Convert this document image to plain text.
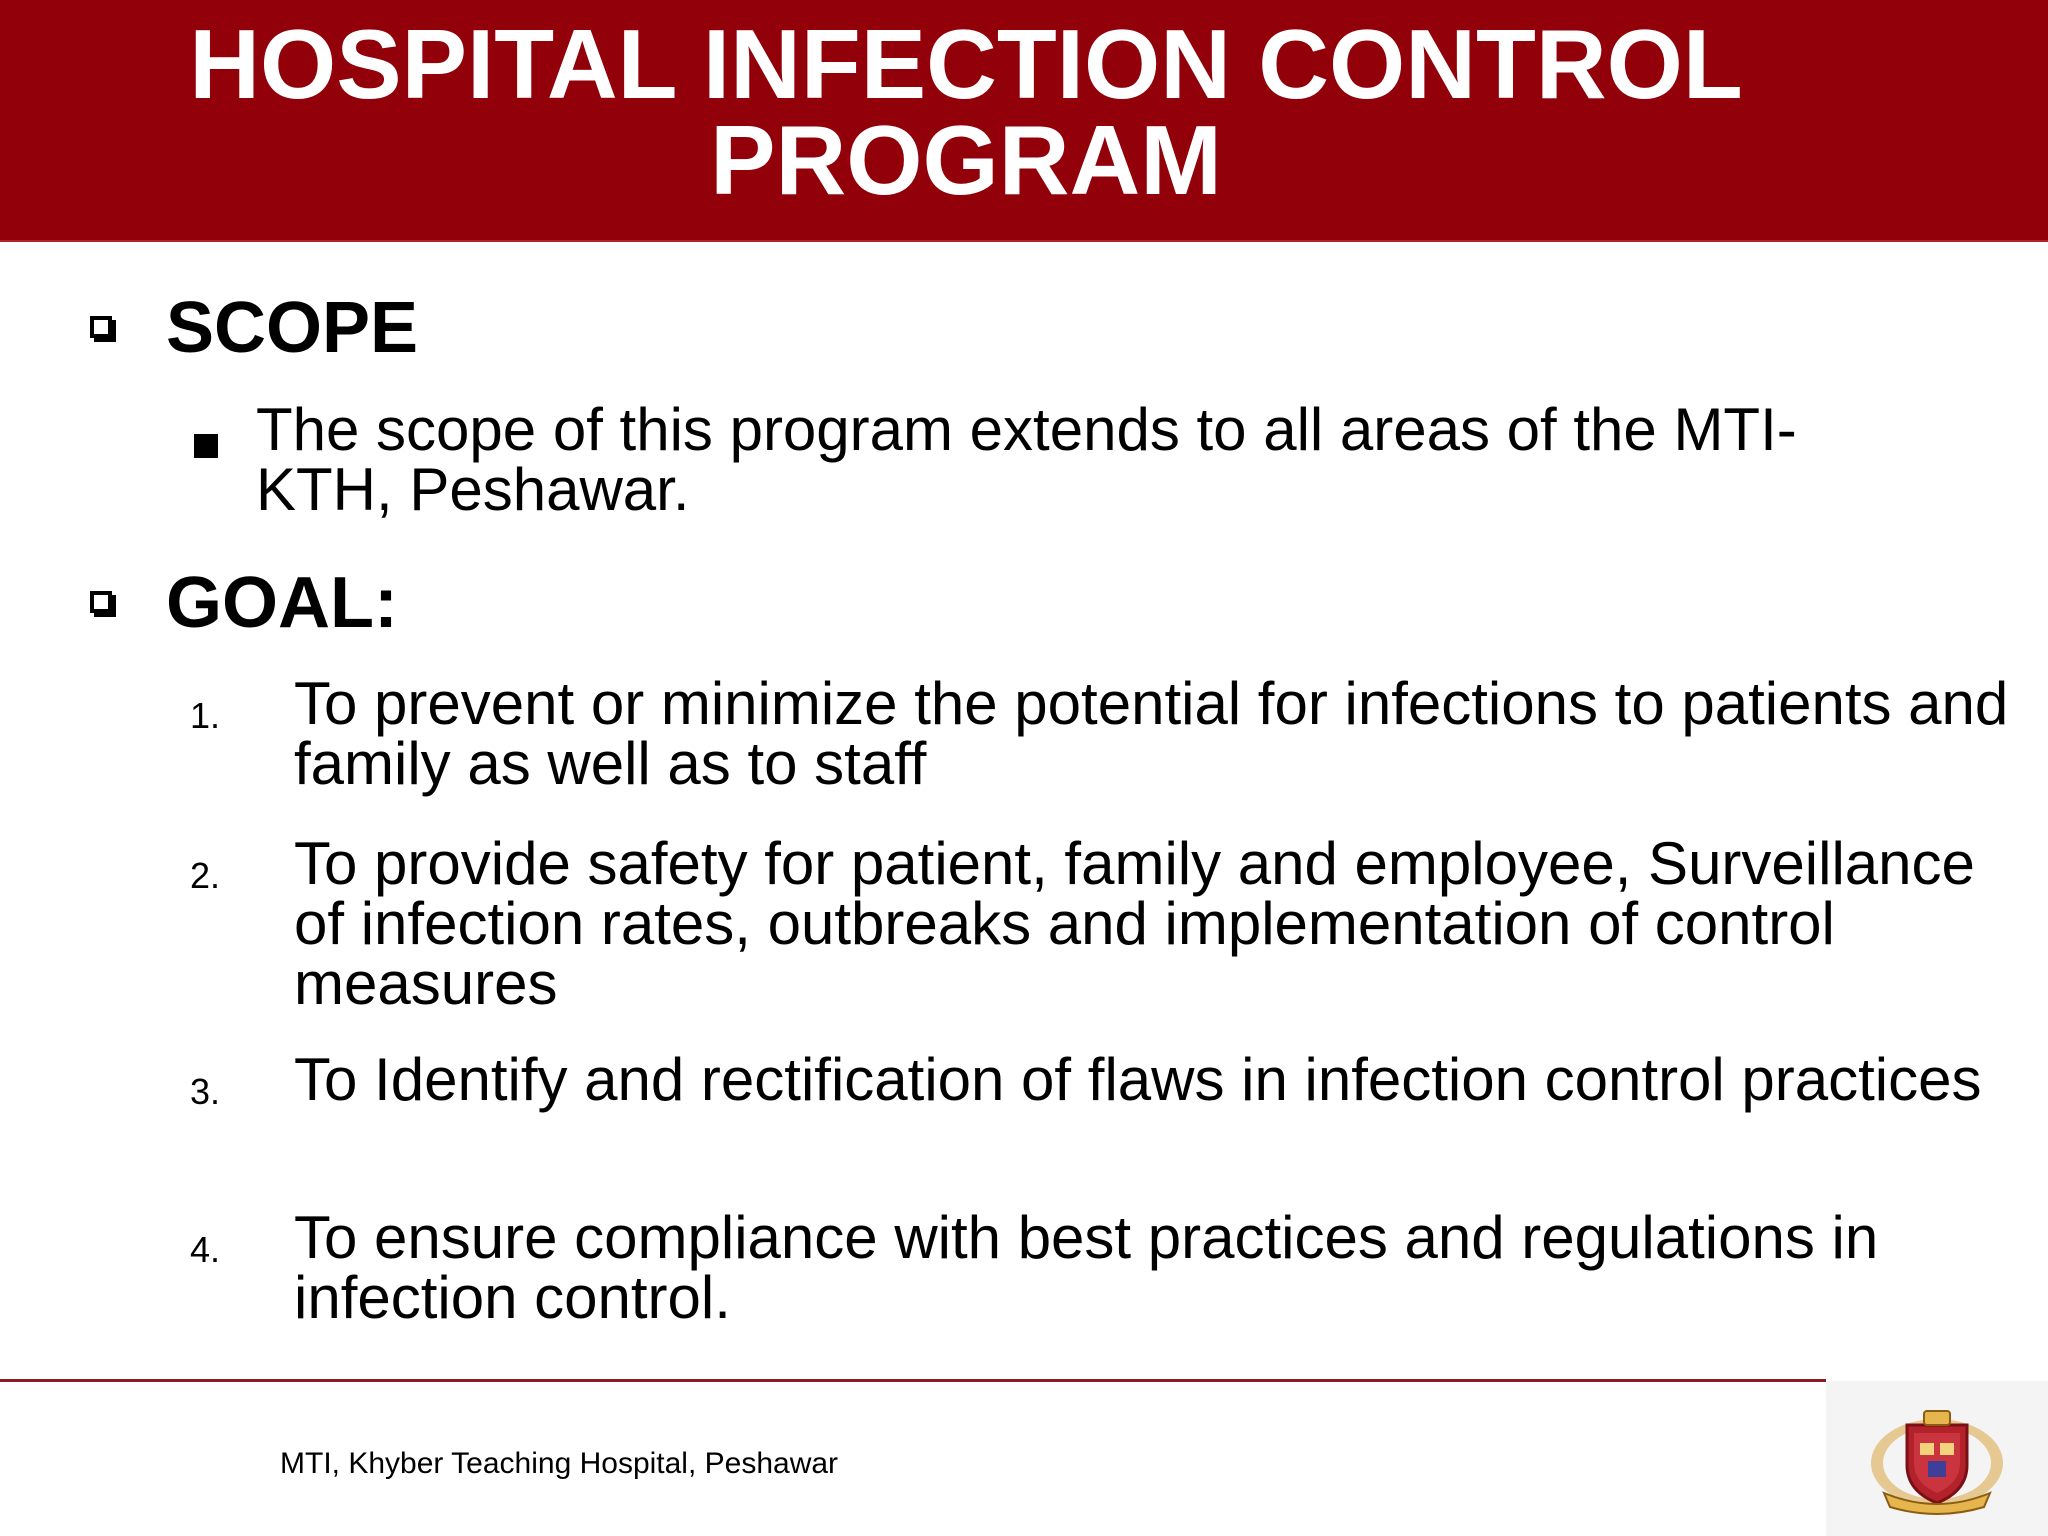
HOSPITAL INFECTION CONTROL
PROGRAM
SCOPE
The scope of this program extends to all areas of the MTI-KTH, Peshawar.
GOAL:
1. To prevent or minimize the potential for infections to patients and family as well as to staff
2. To provide safety for patient, family and employee, Surveillance of infection rates, outbreaks and implementation of control measures
3. To Identify and rectification of flaws in infection control practices
4. To ensure compliance with best practices and regulations in infection control.
MTI, Khyber Teaching Hospital, Peshawar
